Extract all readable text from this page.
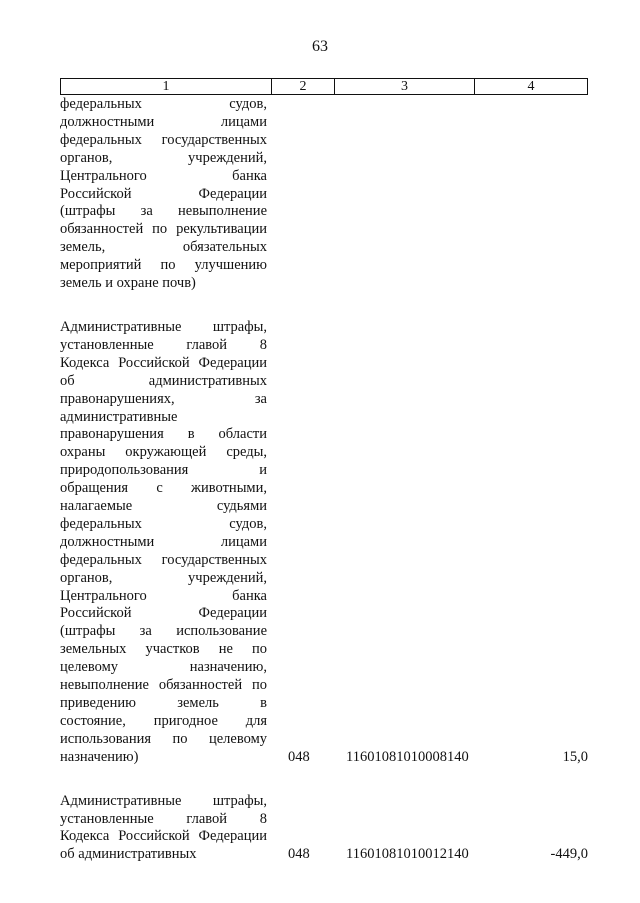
63
1	2	3	4
федеральных судов,
должностными лицами
федеральных государственных
органов, учреждений,
Центрального банка
Российской Федерации
(штрафы за невыполнение
обязанностей по рекультивации
земель, обязательных
мероприятий по улучшению
земель и охране почв)
Административные штрафы,
установленные главой 8
Кодекса Российской Федерации
об административных
правонарушениях, за
административные
правонарушения в области
охраны окружающей среды,
природопользования и
обращения с животными,
налагаемые судьями
федеральных судов,
должностными лицами
федеральных государственных
органов, учреждений,
Центрального банка
Российской Федерации
(штрафы за использование
земельных участков не по
целевому назначению,
невыполнение обязанностей по
приведению земель в
состояние, пригодное для
использования по целевому
назначению)	048	11601081010008140	15,0
Административные штрафы,
установленные главой 8
Кодекса Российской Федерации
об административных	048	11601081010012140	-449,0
